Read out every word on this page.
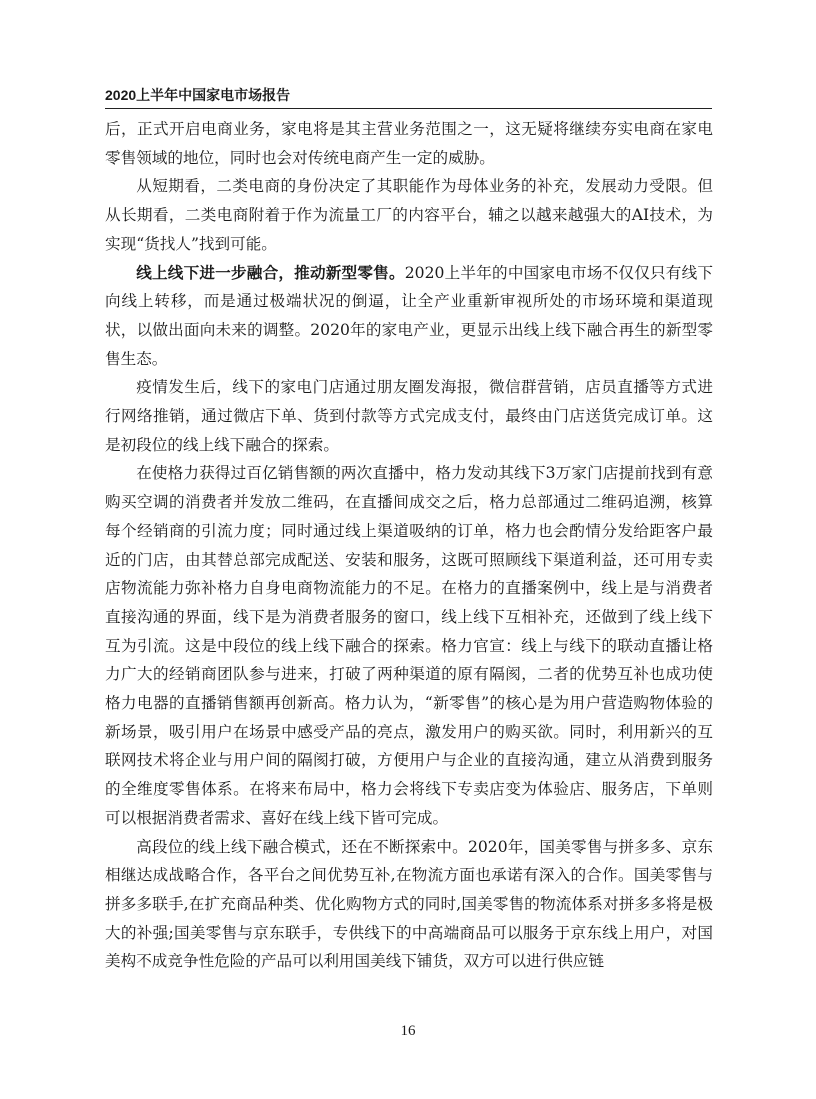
2020上半年中国家电市场报告

后，正式开启电商业务，家电将是其主营业务范围之一，这无疑将继续夯实电商在家电零售领域的地位，同时也会对传统电商产生一定的威胁。

从短期看，二类电商的身份决定了其职能作为母体业务的补充，发展动力受限。但从长期看，二类电商附着于作为流量工厂的内容平台，辅之以越来越强大的AI技术，为实现“货找人”找到可能。

线上线下进一步融合，推动新型零售。2020上半年的中国家电市场不仅仅只有线下向线上转移，而是通过极端状况的倒逼，让全产业重新审视所处的市场环境和渠道现状，以做出面向未来的调整。2020年的家电产业，更显示出线上线下融合再生的新型零售生态。

疫情发生后，线下的家电门店通过朋友圈发海报，微信群营销，店员直播等方式进行网络推销，通过微店下单、货到付款等方式完成支付，最终由门店送货完成订单。这是初段位的线上线下融合的探索。

在使格力获得过百亿销售额的两次直播中，格力发动其线下3万家门店提前找到有意购买空调的消费者并发放二维码，在直播间成交之后，格力总部通过二维码追溯，核算每个经销商的引流力度；同时通过线上渠道吸纳的订单，格力也会酌情分发给距客户最近的门店，由其替总部完成配送、安装和服务，这既可照顾线下渠道利益，还可用专卖店物流能力弥补格力自身电商物流能力的不足。在格力的直播案例中，线上是与消费者直接沟通的界面，线下是为消费者服务的窗口，线上线下互相补充，还做到了线上线下互为引流。这是中段位的线上线下融合的探索。格力官宣：线上与线下的联动直播让格力广大的经销商团队参与进来，打破了两种渠道的原有隔阂，二者的优势互补也成功使格力电器的直播销售额再创新高。格力认为，“新零售”的核心是为用户营造购物体验的新场景，吸引用户在场景中感受产品的亮点，激发用户的购买欲。同时，利用新兴的互联网技术将企业与用户间的隔阂打破，方便用户与企业的直接沟通，建立从消费到服务的全维度零售体系。在将来布局中，格力会将线下专卖店变为体验店、服务店，下单则可以根据消费者需求、喜好在线上线下皆可完成。

高段位的线上线下融合模式，还在不断探索中。2020年，国美零售与拼多多、京东相继达成战略合作，各平台之间优势互补,在物流方面也承诺有深入的合作。国美零售与拼多多联手,在扩充商品种类、优化购物方式的同时,国美零售的物流体系对拼多多将是极大的补强;国美零售与京东联手，专供线下的中高端商品可以服务于京东线上用户，对国美构不成竞争性危险的产品可以利用国美线下铺货，双方可以进行供应链

16
